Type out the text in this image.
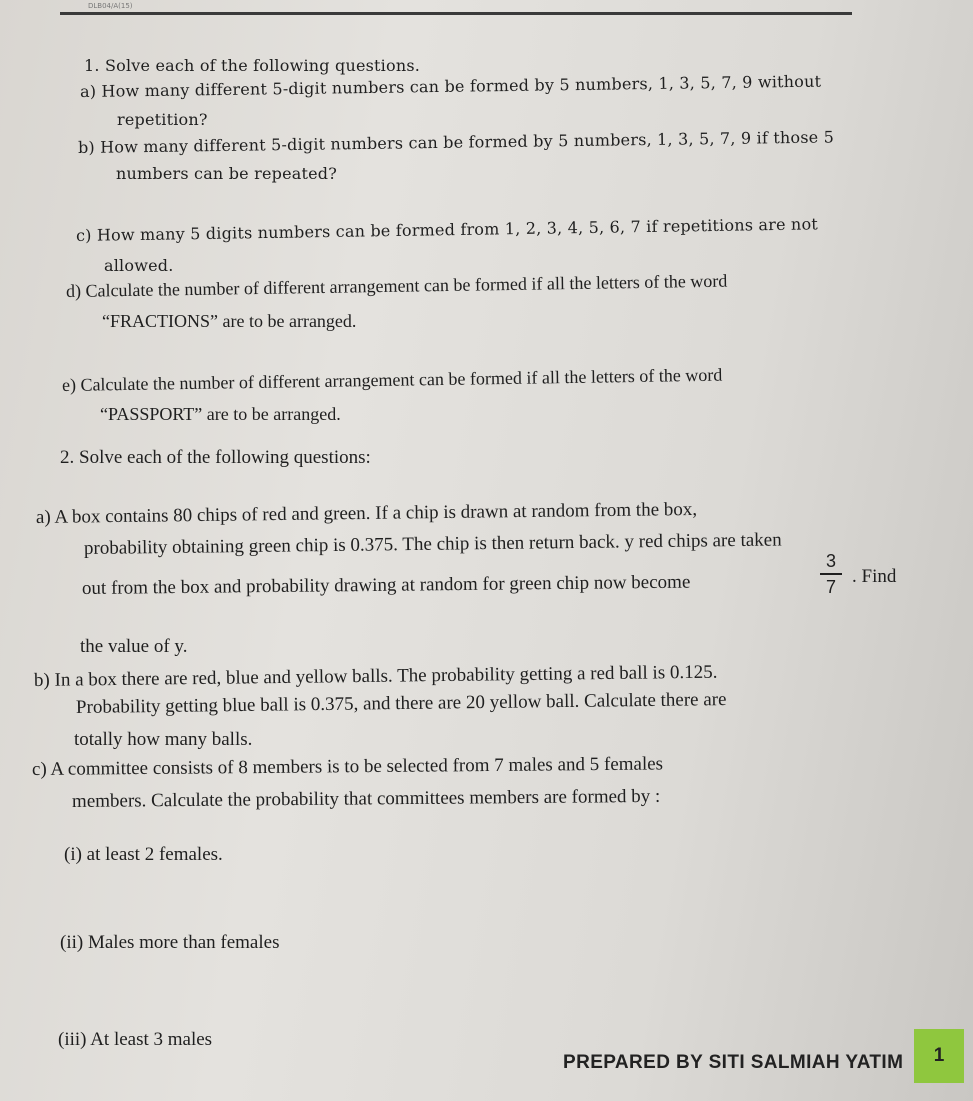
DLB04/A(15)
1. Solve each of the following questions.
a) How many different 5-digit numbers can be formed by 5 numbers, 1, 3, 5, 7, 9 without
repetition?
b) How many different 5-digit numbers can be formed by 5 numbers, 1, 3, 5, 7, 9 if those 5
numbers can be repeated?
c) How many 5 digits numbers can be formed from 1, 2, 3, 4, 5, 6, 7 if repetitions are not
allowed.
d) Calculate the number of different arrangement can be formed if all the letters of the word
“FRACTIONS” are to be arranged.
e) Calculate the number of different arrangement can be formed if all the letters of the word
“PASSPORT” are to be arranged.
2. Solve each of the following questions:
a) A box contains 80 chips of red and green. If a chip is drawn at random from the box,
probability obtaining green chip is 0.375. The chip is then return back. y red chips are taken
out from the box and probability drawing at random for green chip now become
3
7 . Find
the value of y.
b) In a box there are red, blue and yellow balls. The probability getting a red ball is 0.125.
Probability getting blue ball is 0.375, and there are 20 yellow ball. Calculate there are
totally how many balls.
c) A committee consists of 8 members is to be selected from 7 males and 5 females
members. Calculate the probability that committees members are formed by :
(i) at least 2 females.
(ii) Males more than females
(iii) At least 3 males
PREPARED BY SITI SALMIAH YATIM 1
